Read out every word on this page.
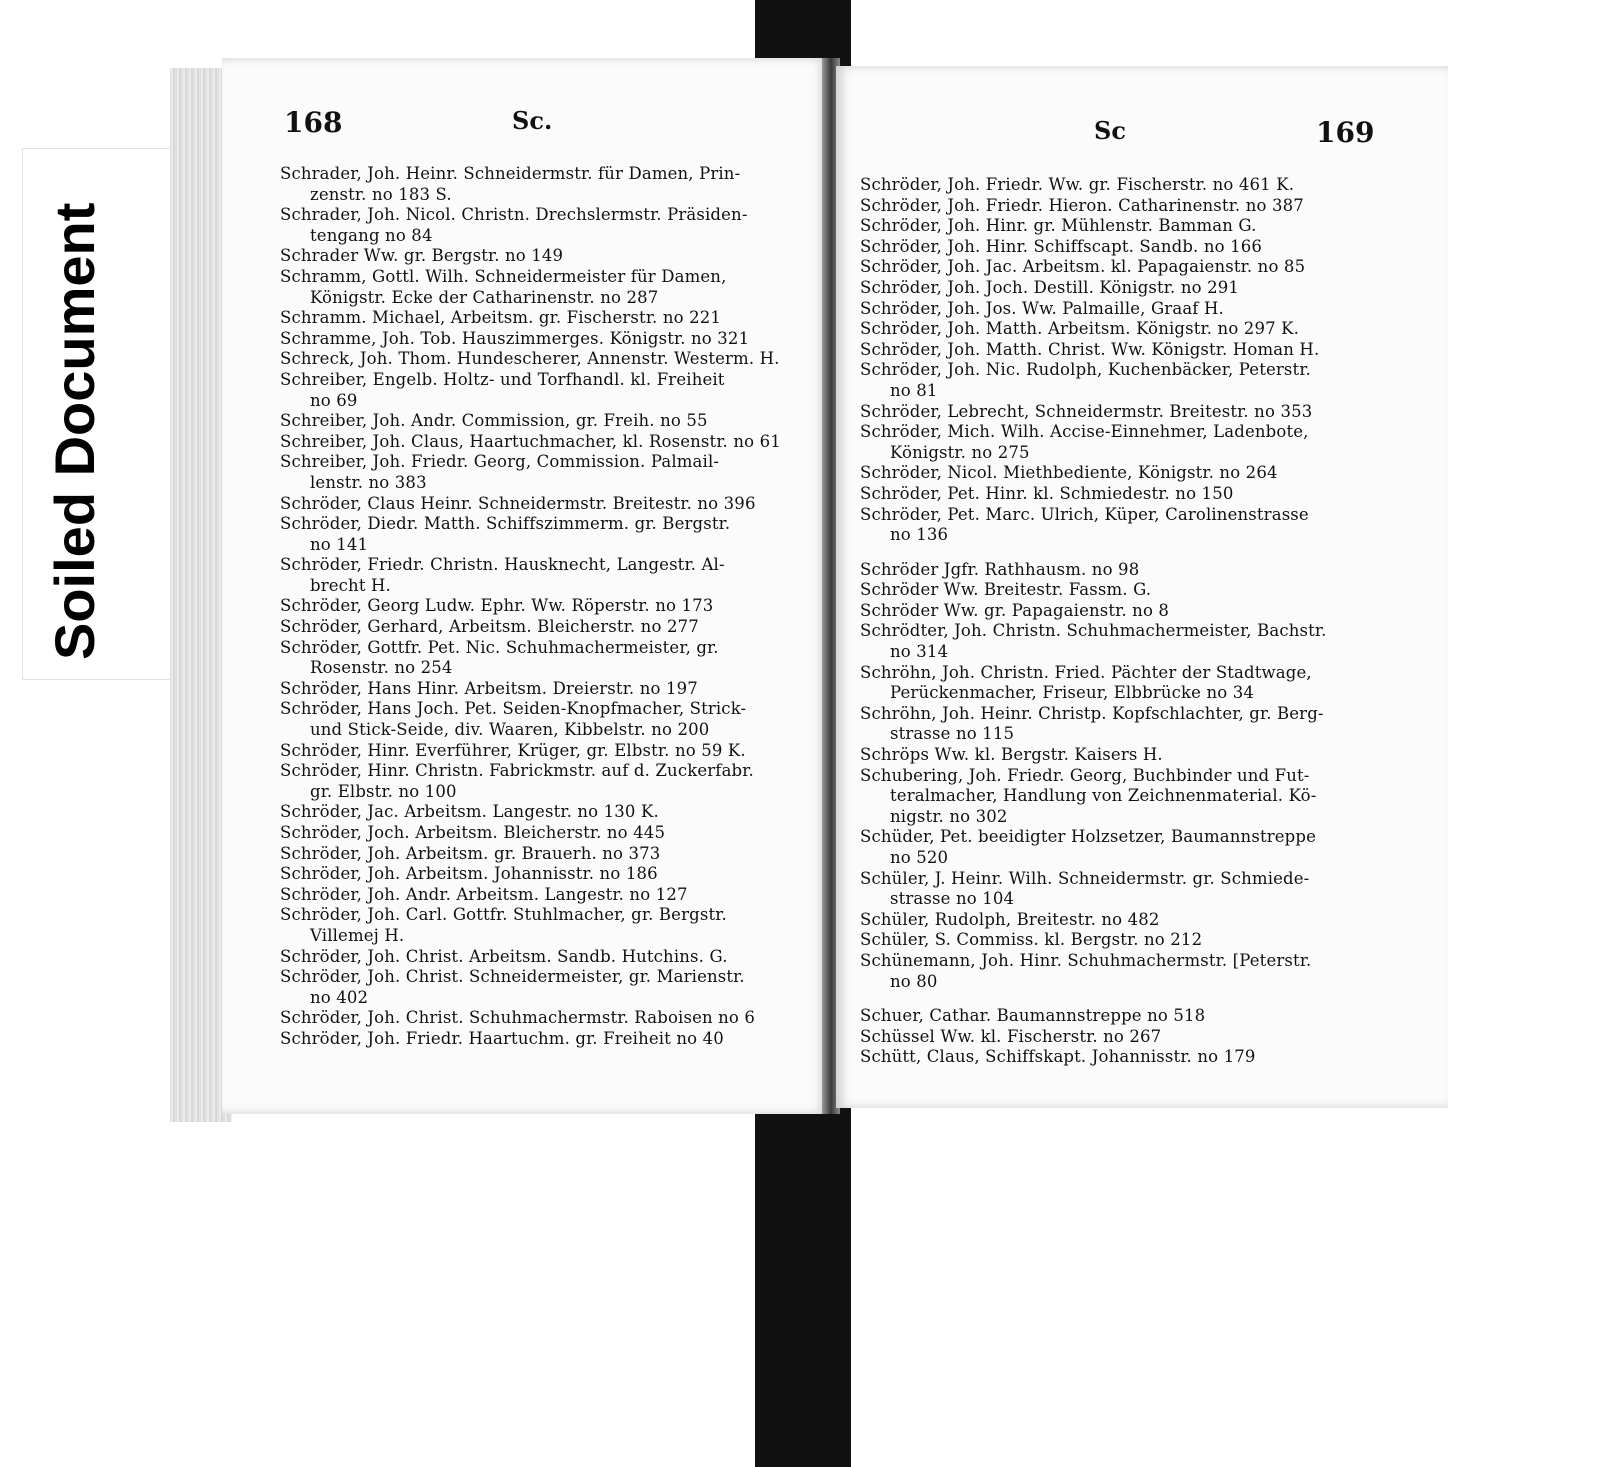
Soiled Document
168	Sc.
Schrader, Joh. Heinr. Schneidermstr. für Damen, Prin-
zenstr. no 183 S.
Schrader, Joh. Nicol. Christn. Drechslermstr. Präsiden-
tengang no 84
Schrader Ww. gr. Bergstr. no 149
Schramm, Gottl. Wilh. Schneidermeister für Damen,
Königstr. Ecke der Catharinenstr. no 287
Schramm. Michael, Arbeitsm. gr. Fischerstr. no 221
Schramme, Joh. Tob. Hauszimmerges. Königstr. no 321
Schreck, Joh. Thom. Hundescherer, Annenstr. Westerm. H.
Schreiber, Engelb. Holtz- und Torfhandl. kl. Freiheit
no 69
Schreiber, Joh. Andr. Commission, gr. Freih. no 55
Schreiber, Joh. Claus, Haartuchmacher, kl. Rosenstr. no 61
Schreiber, Joh. Friedr. Georg, Commission. Palmail-
lenstr. no 383
Schröder, Claus Heinr. Schneidermstr. Breitestr. no 396
Schröder, Diedr. Matth. Schiffszimmerm. gr. Bergstr.
no 141
Schröder, Friedr. Christn. Hausknecht, Langestr. Al-
brecht H.
Schröder, Georg Ludw. Ephr. Ww. Röperstr. no 173
Schröder, Gerhard, Arbeitsm. Bleicherstr. no 277
Schröder, Gottfr. Pet. Nic. Schuhmachermeister, gr.
Rosenstr. no 254
Schröder, Hans Hinr. Arbeitsm. Dreierstr. no 197
Schröder, Hans Joch. Pet. Seiden-Knopfmacher, Strick-
und Stick-Seide, div. Waaren, Kibbelstr. no 200
Schröder, Hinr. Everführer, Krüger, gr. Elbstr. no 59 K.
Schröder, Hinr. Christn. Fabrickmstr. auf d. Zuckerfabr.
gr. Elbstr. no 100
Schröder, Jac. Arbeitsm. Langestr. no 130 K.
Schröder, Joch. Arbeitsm. Bleicherstr. no 445
Schröder, Joh. Arbeitsm. gr. Brauerh. no 373
Schröder, Joh. Arbeitsm. Johannisstr. no 186
Schröder, Joh. Andr. Arbeitsm. Langestr. no 127
Schröder, Joh. Carl. Gottfr. Stuhlmacher, gr. Bergstr.
Villemej H.
Schröder, Joh. Christ. Arbeitsm. Sandb. Hutchins. G.
Schröder, Joh. Christ. Schneidermeister, gr. Marienstr.
no 402
Schröder, Joh. Christ. Schuhmachermstr. Raboisen no 6
Schröder, Joh. Friedr. Haartuchm. gr. Freiheit no 40
Sc	169
Schröder, Joh. Friedr. Ww. gr. Fischerstr. no 461 K.
Schröder, Joh. Friedr. Hieron. Catharinenstr. no 387
Schröder, Joh. Hinr. gr. Mühlenstr. Bamman G.
Schröder, Joh. Hinr. Schiffscapt. Sandb. no 166
Schröder, Joh. Jac. Arbeitsm. kl. Papagaienstr. no 85
Schröder, Joh. Joch. Destill. Königstr. no 291
Schröder, Joh. Jos. Ww. Palmaille, Graaf H.
Schröder, Joh. Matth. Arbeitsm. Königstr. no 297 K.
Schröder, Joh. Matth. Christ. Ww. Königstr. Homan H.
Schröder, Joh. Nic. Rudolph, Kuchenbäcker, Peterstr.
no 81
Schröder, Lebrecht, Schneidermstr. Breitestr. no 353
Schröder, Mich. Wilh. Accise-Einnehmer, Ladenbote,
Königstr. no 275
Schröder, Nicol. Miethbediente, Königstr. no 264
Schröder, Pet. Hinr. kl. Schmiedestr. no 150
Schröder, Pet. Marc. Ulrich, Küper, Carolinenstrasse
no 136
Schröder Jgfr. Rathhausm. no 98
Schröder Ww. Breitestr. Fassm. G.
Schröder Ww. gr. Papagaienstr. no 8
Schrödter, Joh. Christn. Schuhmachermeister, Bachstr.
no 314
Schröhn, Joh. Christn. Fried. Pächter der Stadtwage,
Perückenmacher, Friseur, Elbbrücke no 34
Schröhn, Joh. Heinr. Christp. Kopfschlachter, gr. Berg-
strasse no 115
Schröps Ww. kl. Bergstr. Kaisers H.
Schubering, Joh. Friedr. Georg, Buchbinder und Fut-
teralmacher, Handlung von Zeichnenmaterial. Kö-
nigstr. no 302
Schüder, Pet. beeidigter Holzsetzer, Baumannstreppe
no 520
Schüler, J. Heinr. Wilh. Schneidermstr. gr. Schmiede-
strasse no 104
Schüler, Rudolph, Breitestr. no 482
Schüler, S. Commiss. kl. Bergstr. no 212
Schünemann, Joh. Hinr. Schuhmachermstr. [Peterstr.
no 80
Schuer, Cathar. Baumannstreppe no 518
Schüssel Ww. kl. Fischerstr. no 267
Schütt, Claus, Schiffskapt. Johannisstr. no 179
